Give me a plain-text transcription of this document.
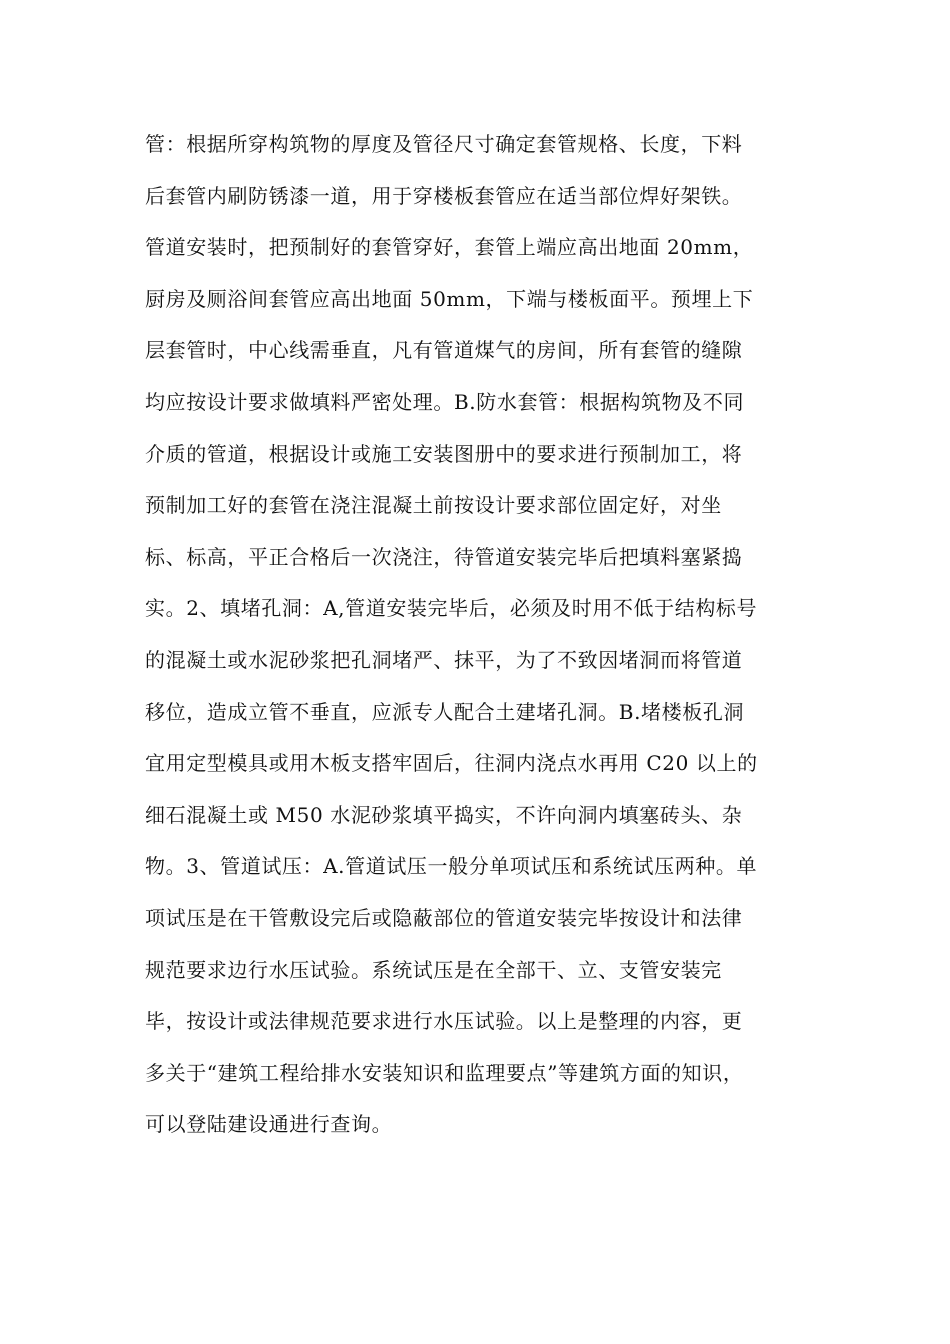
管：根据所穿构筑物的厚度及管径尺寸确定套管规格、长度，下料
后套管内刷防锈漆一道，用于穿楼板套管应在适当部位焊好架铁。
管道安装时，把预制好的套管穿好，套管上端应高出地面 20mm，
厨房及厕浴间套管应高出地面 50mm，下端与楼板面平。预埋上下
层套管时，中心线需垂直，凡有管道煤气的房间，所有套管的缝隙
均应按设计要求做填料严密处理。B.防水套管：根据构筑物及不同
介质的管道，根据设计或施工安装图册中的要求进行预制加工，将
预制加工好的套管在浇注混凝土前按设计要求部位固定好，对坐
标、标高，平正合格后一次浇注，待管道安装完毕后把填料塞紧捣
实。2、填堵孔洞：A,管道安装完毕后，必须及时用不低于结构标号
的混凝土或水泥砂浆把孔洞堵严、抹平，为了不致因堵洞而将管道
移位，造成立管不垂直，应派专人配合土建堵孔洞。B.堵楼板孔洞
宜用定型模具或用木板支搭牢固后，往洞内浇点水再用 C20 以上的
细石混凝土或 M50 水泥砂浆填平捣实，不许向洞内填塞砖头、杂
物。3、管道试压：A.管道试压一般分单项试压和系统试压两种。单
项试压是在干管敷设完后或隐蔽部位的管道安装完毕按设计和法律
规范要求边行水压试验。系统试压是在全部干、立、支管安装完
毕，按设计或法律规范要求进行水压试验。以上是整理的内容，更
多关于“建筑工程给排水安装知识和监理要点”等建筑方面的知识，
可以登陆建设通进行查询。
